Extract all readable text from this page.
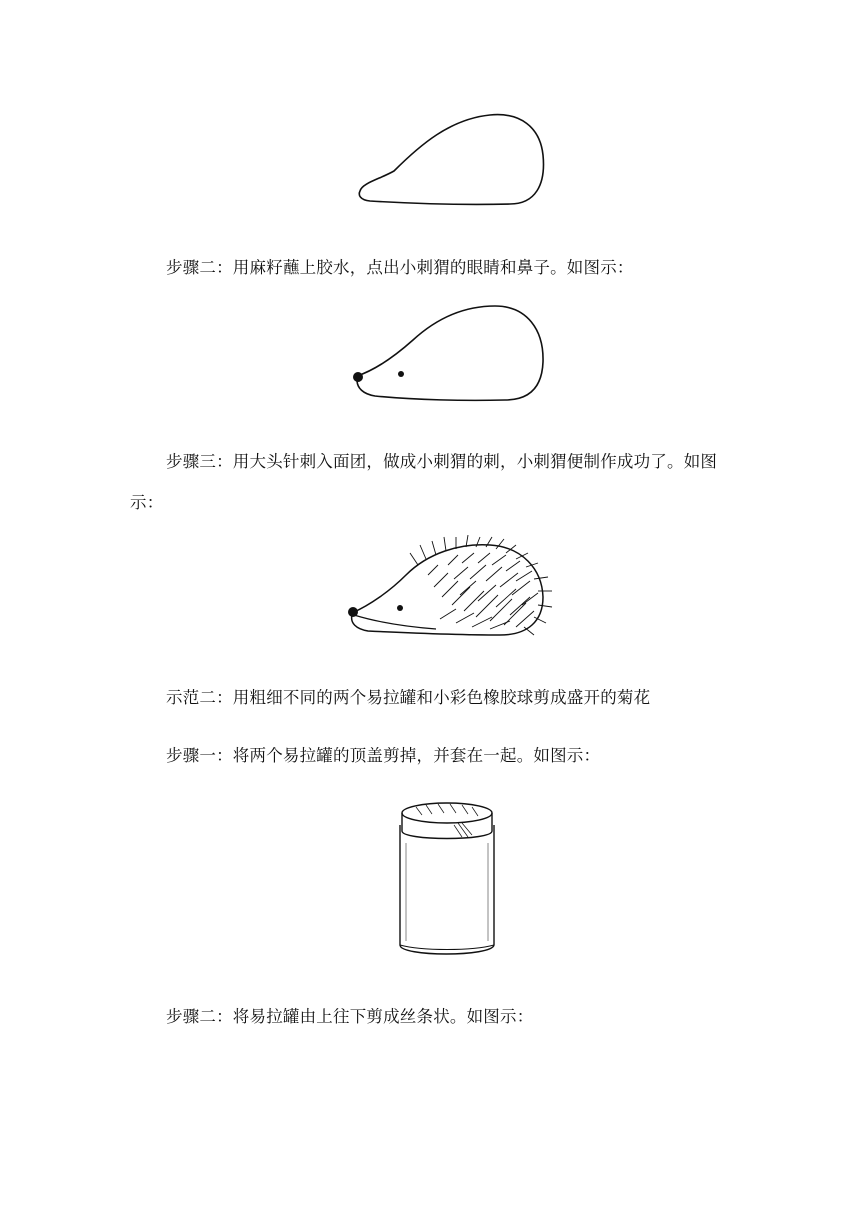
步骤二：用麻籽蘸上胶水，点出小刺猬的眼睛和鼻子。如图示：
步骤三：用大头针刺入面团，做成小刺猬的刺，小刺猬便制作成功了。如图
示：
示范二：用粗细不同的两个易拉罐和小彩色橡胶球剪成盛开的菊花
步骤一：将两个易拉罐的顶盖剪掉，并套在一起。如图示：
步骤二：将易拉罐由上往下剪成丝条状。如图示：
